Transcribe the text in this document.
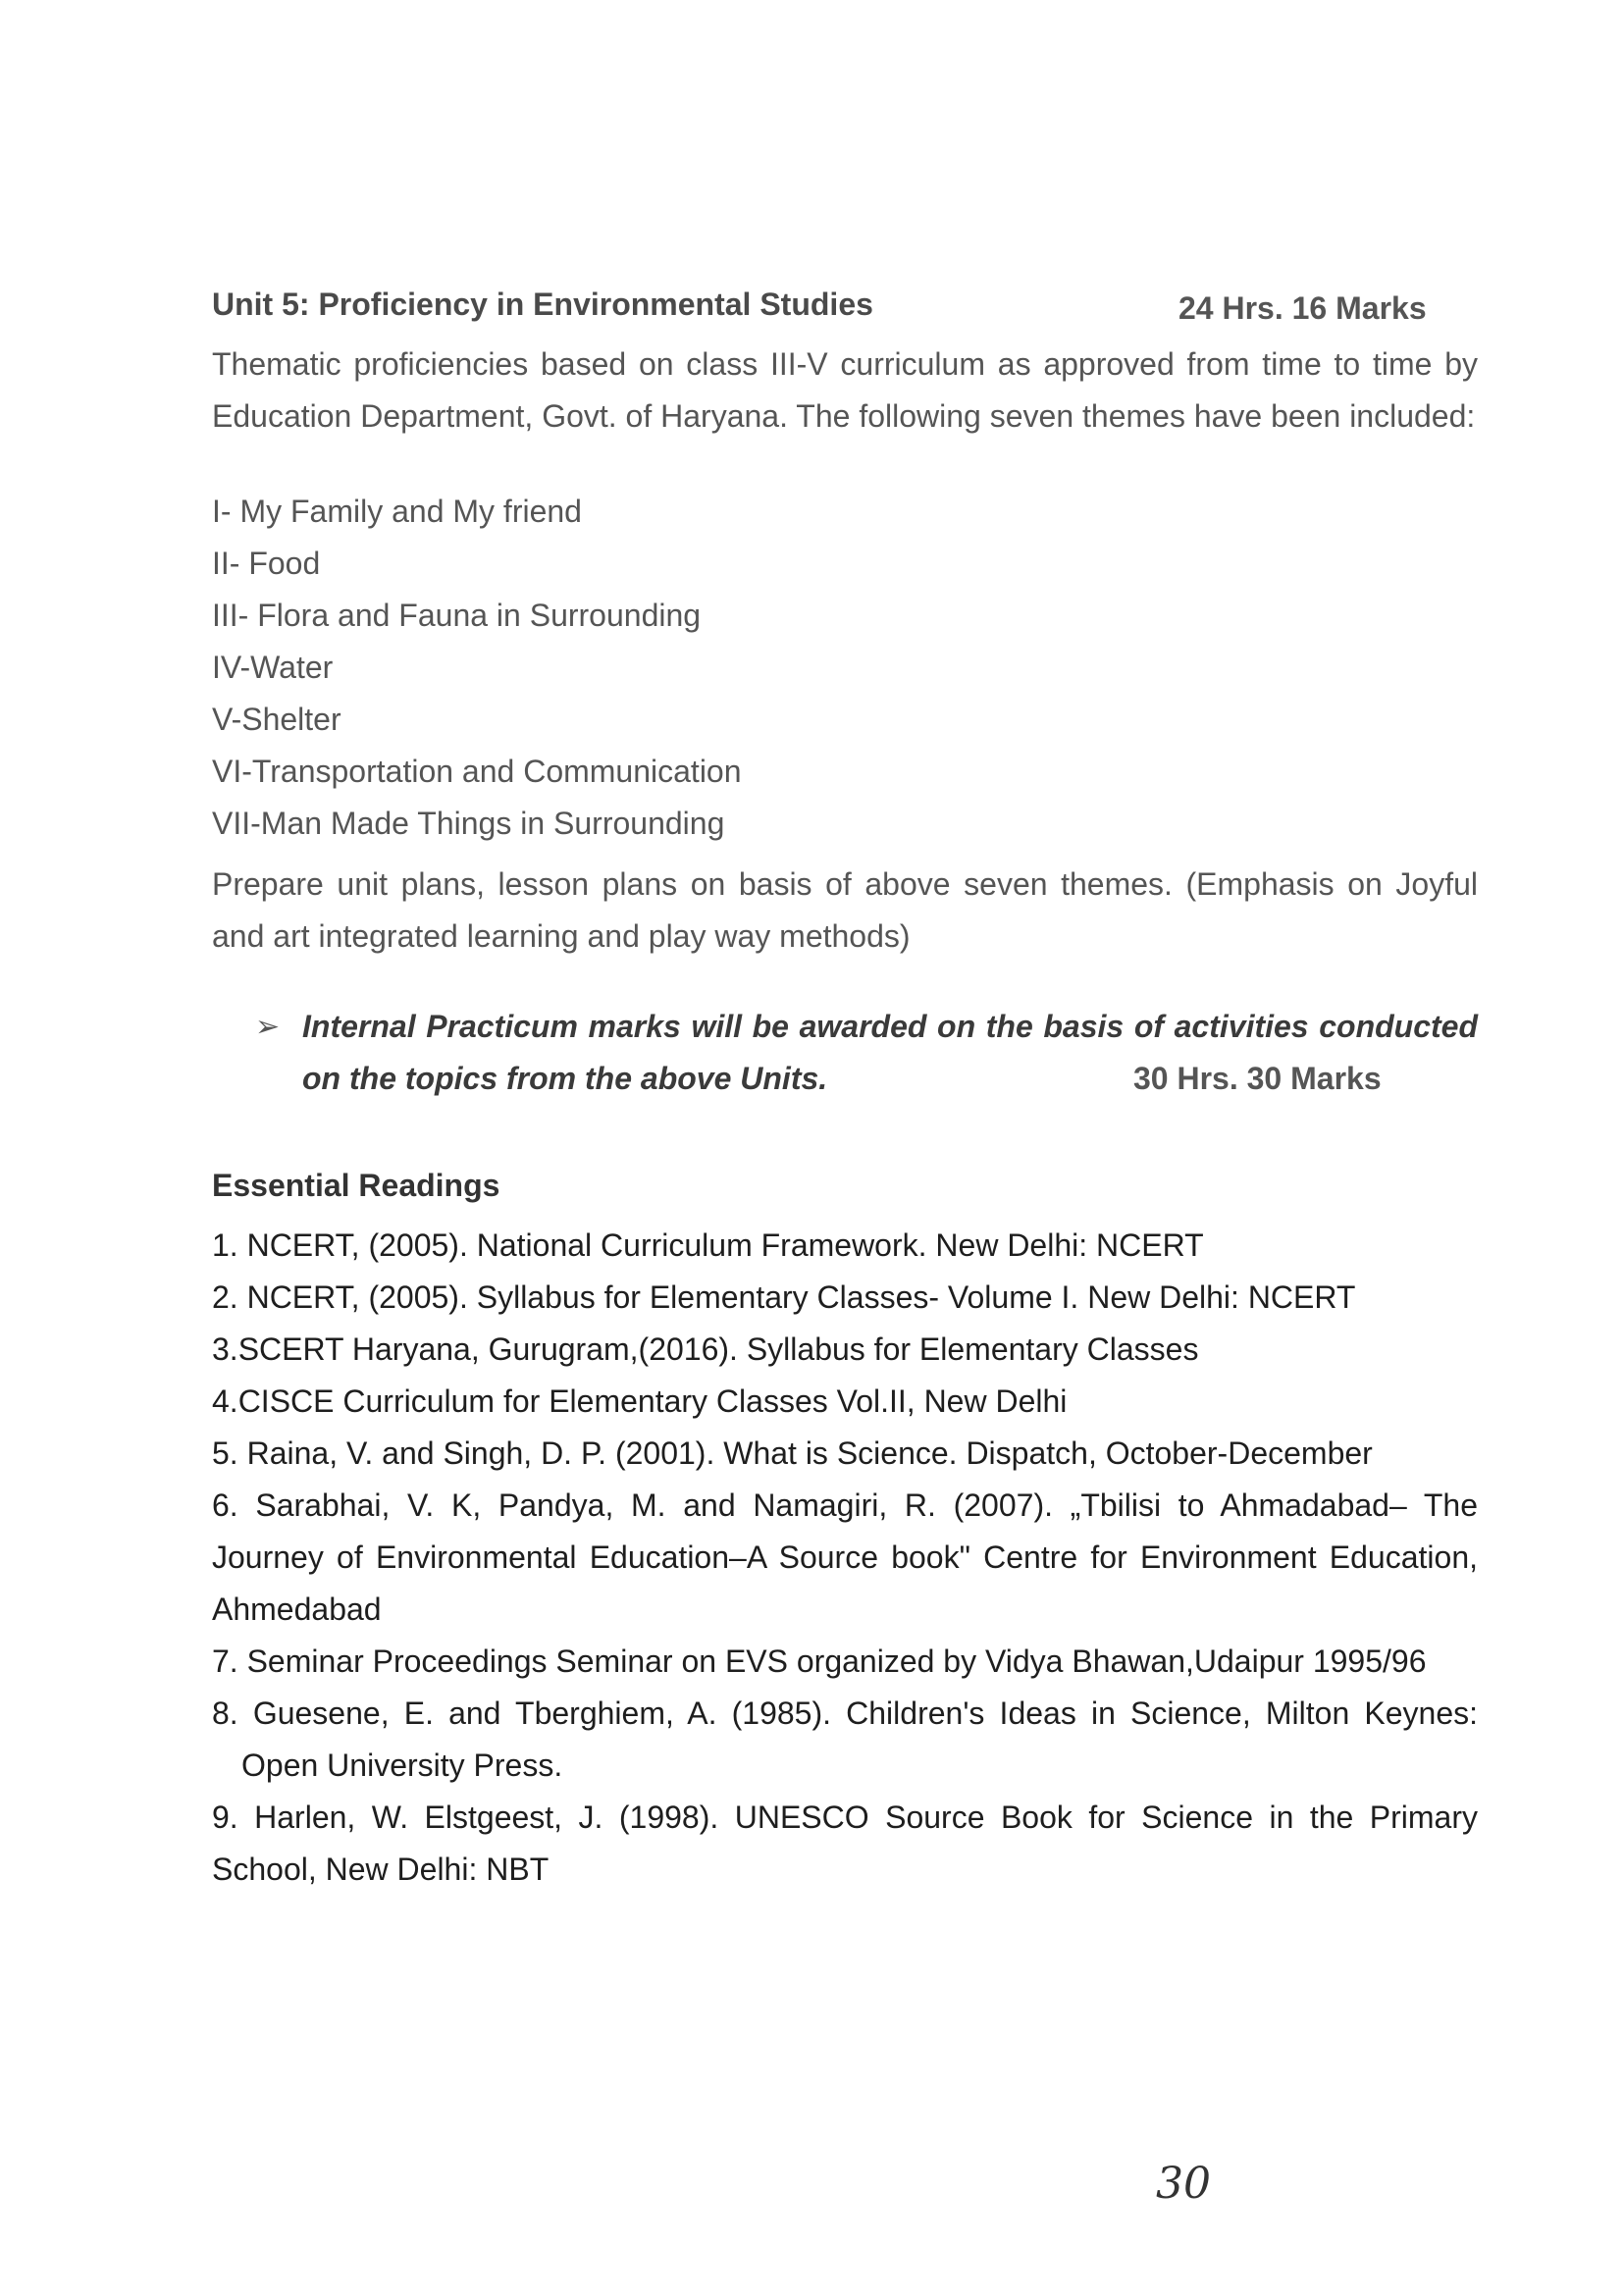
Unit 5: Proficiency in Environmental Studies	24 Hrs. 16 Marks
Thematic proficiencies based on class III-V curriculum as approved from time to time by Education Department, Govt. of Haryana. The following seven themes have been included:
I- My Family and My friend
II- Food
III- Flora and Fauna in Surrounding
IV-Water
V-Shelter
VI-Transportation and Communication
VII-Man Made Things in Surrounding
Prepare unit plans, lesson plans on basis of above seven themes. (Emphasis on Joyful and art integrated learning and play way methods)
➢ Internal Practicum marks will be awarded on the basis of activities conducted on the topics from the above Units.	30 Hrs. 30 Marks
Essential Readings
1. NCERT, (2005). National Curriculum Framework. New Delhi: NCERT
2. NCERT, (2005). Syllabus for Elementary Classes- Volume I. New Delhi: NCERT
3.SCERT Haryana, Gurugram,(2016). Syllabus for Elementary Classes
4.CISCE Curriculum for Elementary Classes Vol.II, New Delhi
5. Raina, V. and Singh, D. P. (2001). What is Science. Dispatch, October-December
6. Sarabhai, V. K, Pandya, M. and Namagiri, R. (2007). „Tbilisi to Ahmadabad– The Journey of Environmental Education–A Source book" Centre for Environment Education, Ahmedabad
7. Seminar Proceedings Seminar on EVS organized by Vidya Bhawan,Udaipur 1995/96
8. Guesene, E. and Tberghiem, A. (1985). Children's Ideas in Science, Milton Keynes: Open University Press.
9. Harlen, W. Elstgeest, J. (1998). UNESCO Source Book for Science in the Primary School, New Delhi: NBT
30
